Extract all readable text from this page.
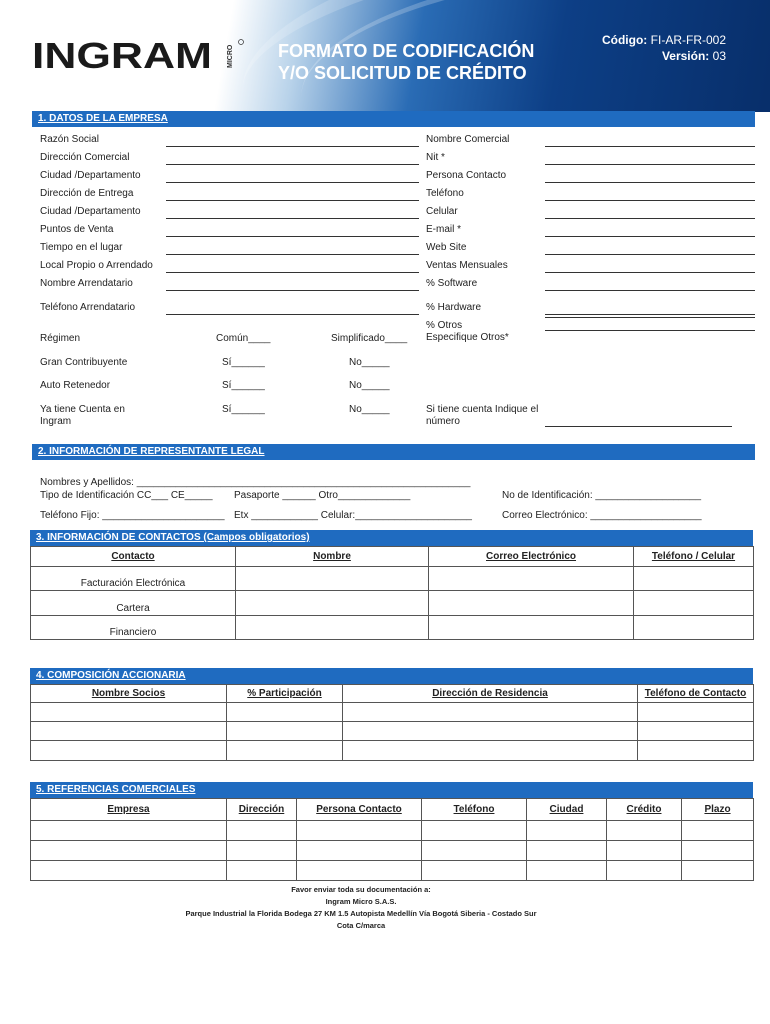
INGRAM MICRO FORMATO DE CODIFICACIÓN
Y/O SOLICITUD DE CRÉDITO
Código: FI-AR-FR-002
Versión: 03
1. DATOS DE LA EMPRESA
Razón Social	Nombre Comercial
Dirección Comercial	Nit *
Ciudad /Departamento	Persona Contacto
Dirección de Entrega	Teléfono
Ciudad /Departamento	Celular
Puntos de Venta	E-mail *
Tiempo en el lugar	Web Site
Local Propio o Arrendado	Ventas Mensuales
Nombre Arrendatario	% Software
Teléfono Arrendatario	% Hardware
% Otros
Especifique Otros*
Régimen	Común____	Simplificado____
Gran Contribuyente	Sí______	No_____
Auto Retenedor	Sí______	No_____
Ya tiene Cuenta en Ingram
Sí______	No_____	Si tiene cuenta Indique el número
2. INFORMACIÓN DE REPRESENTANTE LEGAL
Nombres y Apellidos: ____________________________________________________________
Tipo de Identificación CC___ CE_____ Pasaporte ______ Otro_____________	No de Identificación: ___________________
Teléfono Fijo: ______________________ Etx ____________ Celular:_____________________	Correo Electrónico: ____________________
3. INFORMACIÓN DE CONTACTOS (Campos obligatorios)
Contacto	Nombre	Correo Electrónico	Teléfono / Celular
Facturación Electrónica			
Cartera			
Financiero			
4. COMPOSICIÓN ACCIONARIA
Nombre Socios	% Participación	Dirección de Residencia	Teléfono de Contacto

5. REFERENCIAS COMERCIALES
Empresa	Dirección	Persona Contacto	Teléfono	Ciudad	Crédito	Plazo

Favor enviar toda su documentación a:
Ingram Micro S.A.S.
Parque Industrial la Florida Bodega 27 KM 1.5 Autopista Medellín Vía Bogotá Siberia - Costado Sur
Cota C/marca
